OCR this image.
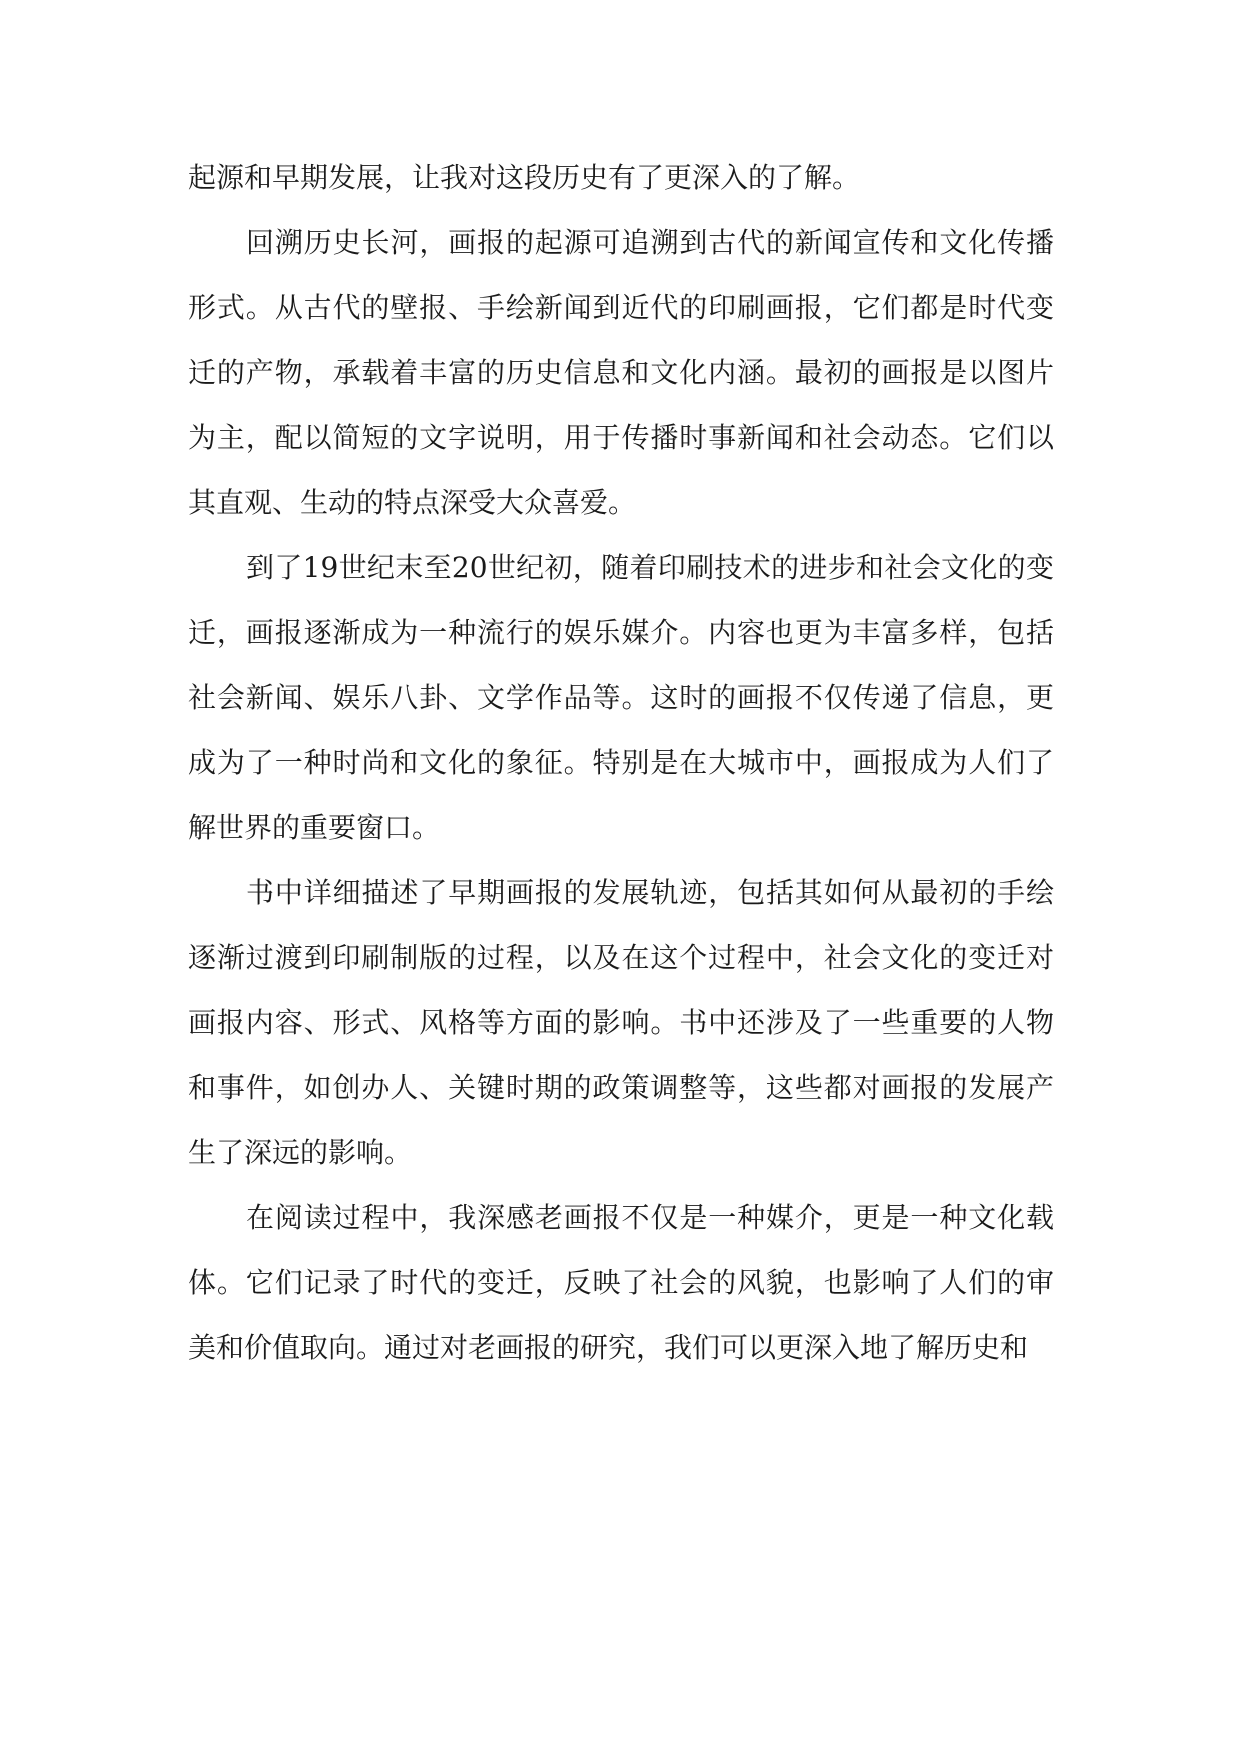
起源和早期发展，让我对这段历史有了更深入的了解。

回溯历史长河，画报的起源可追溯到古代的新闻宣传和文化传播形式。从古代的壁报、手绘新闻到近代的印刷画报，它们都是时代变迁的产物，承载着丰富的历史信息和文化内涵。最初的画报是以图片为主，配以简短的文字说明，用于传播时事新闻和社会动态。它们以其直观、生动的特点深受大众喜爱。

到了19世纪末至20世纪初，随着印刷技术的进步和社会文化的变迁，画报逐渐成为一种流行的娱乐媒介。内容也更为丰富多样，包括社会新闻、娱乐八卦、文学作品等。这时的画报不仅传递了信息，更成为了一种时尚和文化的象征。特别是在大城市中，画报成为人们了解世界的重要窗口。

书中详细描述了早期画报的发展轨迹，包括其如何从最初的手绘逐渐过渡到印刷制版的过程，以及在这个过程中，社会文化的变迁对画报内容、形式、风格等方面的影响。书中还涉及了一些重要的人物和事件，如创办人、关键时期的政策调整等，这些都对画报的发展产生了深远的影响。

在阅读过程中，我深感老画报不仅是一种媒介，更是一种文化载体。它们记录了时代的变迁，反映了社会的风貌，也影响了人们的审美和价值取向。通过对老画报的研究，我们可以更深入地了解历史和
